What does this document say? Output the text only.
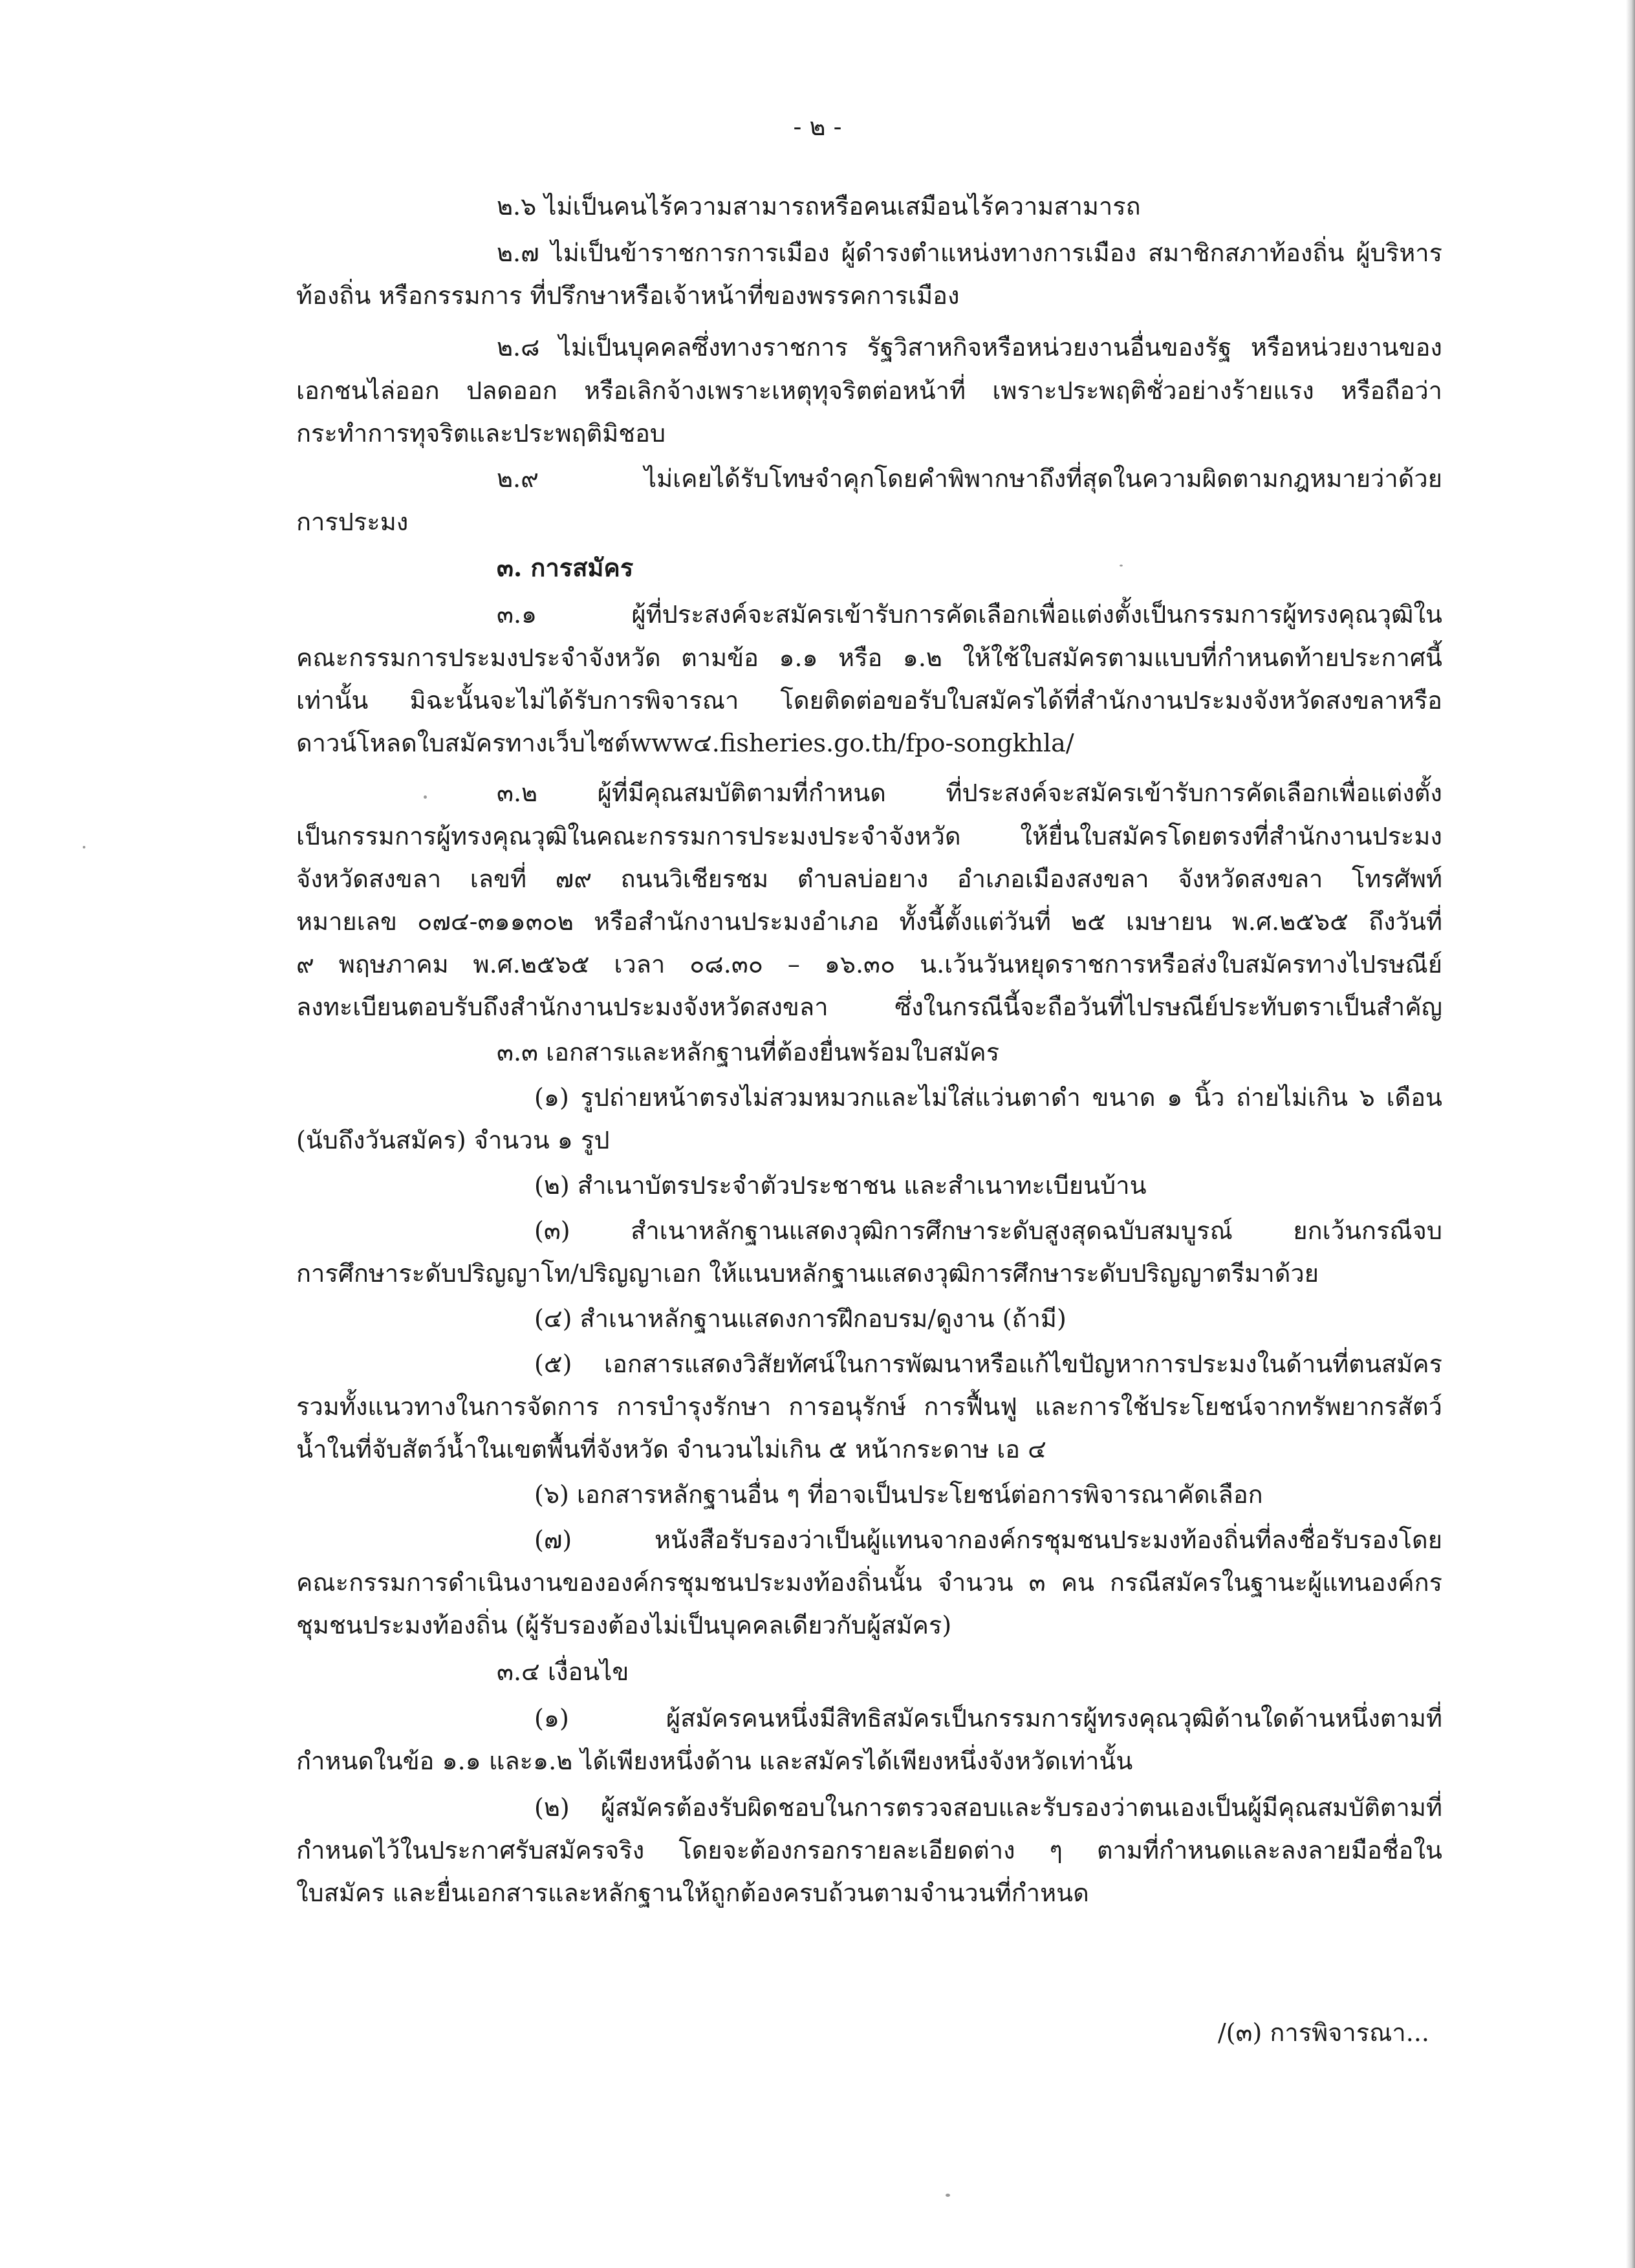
- ๒ -
๒.๖ ไม่เป็นคนไร้ความสามารถหรือคนเสมือนไร้ความสามารถ
๒.๗ ไม่เป็นข้าราชการการเมือง ผู้ดำรงตำแหน่งทางการเมือง สมาชิกสภาท้องถิ่น ผู้บริหาร
ท้องถิ่น หรือกรรมการ ที่ปรึกษาหรือเจ้าหน้าที่ของพรรคการเมือง
๒.๘ ไม่เป็นบุคคลซึ่งทางราชการ รัฐวิสาหกิจหรือหน่วยงานอื่นของรัฐ หรือหน่วยงานของ
เอกชนไล่ออก ปลดออก หรือเลิกจ้างเพราะเหตุทุจริตต่อหน้าที่ เพราะประพฤติชั่วอย่างร้ายแรง หรือถือว่า
กระทำการทุจริตและประพฤติมิชอบ
๒.๙ ไม่เคยได้รับโทษจำคุกโดยคำพิพากษาถึงที่สุดในความผิดตามกฎหมายว่าด้วย
การประมง
๓. การสมัคร
๓.๑ ผู้ที่ประสงค์จะสมัครเข้ารับการคัดเลือกเพื่อแต่งตั้งเป็นกรรมการผู้ทรงคุณวุฒิใน
คณะกรรมการประมงประจำจังหวัด ตามข้อ ๑.๑ หรือ ๑.๒ ให้ใช้ใบสมัครตามแบบที่กำหนดท้ายประกาศนี้
เท่านั้น มิฉะนั้นจะไม่ได้รับการพิจารณา โดยติดต่อขอรับใบสมัครได้ที่สำนักงานประมงจังหวัดสงขลาหรือ
ดาวน์โหลดใบสมัครทางเว็บไซต์www๔.fisheries.go.th/fpo-songkhla/
๓.๒ ผู้ที่มีคุณสมบัติตามที่กำหนด ที่ประสงค์จะสมัครเข้ารับการคัดเลือกเพื่อแต่งตั้ง
เป็นกรรมการผู้ทรงคุณวุฒิในคณะกรรมการประมงประจำจังหวัด ให้ยื่นใบสมัครโดยตรงที่สำนักงานประมง
จังหวัดสงขลา เลขที่ ๗๙ ถนนวิเชียรชม ตำบลบ่อยาง อำเภอเมืองสงขลา จังหวัดสงขลา โทรศัพท์
หมายเลข ๐๗๔-๓๑๑๓๐๒ หรือสำนักงานประมงอำเภอ ทั้งนี้ตั้งแต่วันที่ ๒๕ เมษายน พ.ศ.๒๕๖๕ ถึงวันที่
๙ พฤษภาคม พ.ศ.๒๕๖๕ เวลา ๐๘.๓๐ – ๑๖.๓๐ น.เว้นวันหยุดราชการหรือส่งใบสมัครทางไปรษณีย์
ลงทะเบียนตอบรับถึงสำนักงานประมงจังหวัดสงขลา ซึ่งในกรณีนี้จะถือวันที่ไปรษณีย์ประทับตราเป็นสำคัญ
๓.๓ เอกสารและหลักฐานที่ต้องยื่นพร้อมใบสมัคร
(๑) รูปถ่ายหน้าตรงไม่สวมหมวกและไม่ใส่แว่นตาดำ ขนาด ๑ นิ้ว ถ่ายไม่เกิน ๖ เดือน
(นับถึงวันสมัคร) จำนวน ๑ รูป
(๒) สำเนาบัตรประจำตัวประชาชน และสำเนาทะเบียนบ้าน
(๓) สำเนาหลักฐานแสดงวุฒิการศึกษาระดับสูงสุดฉบับสมบูรณ์ ยกเว้นกรณีจบ
การศึกษาระดับปริญญาโท/ปริญญาเอก ให้แนบหลักฐานแสดงวุฒิการศึกษาระดับปริญญาตรีมาด้วย
(๔) สำเนาหลักฐานแสดงการฝึกอบรม/ดูงาน (ถ้ามี)
(๕) เอกสารแสดงวิสัยทัศน์ในการพัฒนาหรือแก้ไขปัญหาการประมงในด้านที่ตนสมัคร
รวมทั้งแนวทางในการจัดการ การบำรุงรักษา การอนุรักษ์ การฟื้นฟู และการใช้ประโยชน์จากทรัพยากรสัตว์
น้ำในที่จับสัตว์น้ำในเขตพื้นที่จังหวัด จำนวนไม่เกิน ๕ หน้ากระดาษ เอ ๔
(๖) เอกสารหลักฐานอื่น ๆ ที่อาจเป็นประโยชน์ต่อการพิจารณาคัดเลือก
(๗) หนังสือรับรองว่าเป็นผู้แทนจากองค์กรชุมชนประมงท้องถิ่นที่ลงชื่อรับรองโดย
คณะกรรมการดำเนินงานขององค์กรชุมชนประมงท้องถิ่นนั้น จำนวน ๓ คน กรณีสมัครในฐานะผู้แทนองค์กร
ชุมชนประมงท้องถิ่น (ผู้รับรองต้องไม่เป็นบุคคลเดียวกับผู้สมัคร)
๓.๔ เงื่อนไข
(๑) ผู้สมัครคนหนึ่งมีสิทธิสมัครเป็นกรรมการผู้ทรงคุณวุฒิด้านใดด้านหนึ่งตามที่
กำหนดในข้อ ๑.๑ และ๑.๒ ได้เพียงหนึ่งด้าน และสมัครได้เพียงหนึ่งจังหวัดเท่านั้น
(๒) ผู้สมัครต้องรับผิดชอบในการตรวจสอบและรับรองว่าตนเองเป็นผู้มีคุณสมบัติตามที่
กำหนดไว้ในประกาศรับสมัครจริง โดยจะต้องกรอกรายละเอียดต่าง ๆ ตามที่กำหนดและลงลายมือชื่อใน
ใบสมัคร และยื่นเอกสารและหลักฐานให้ถูกต้องครบถ้วนตามจำนวนที่กำหนด
/(๓) การพิจารณา...
